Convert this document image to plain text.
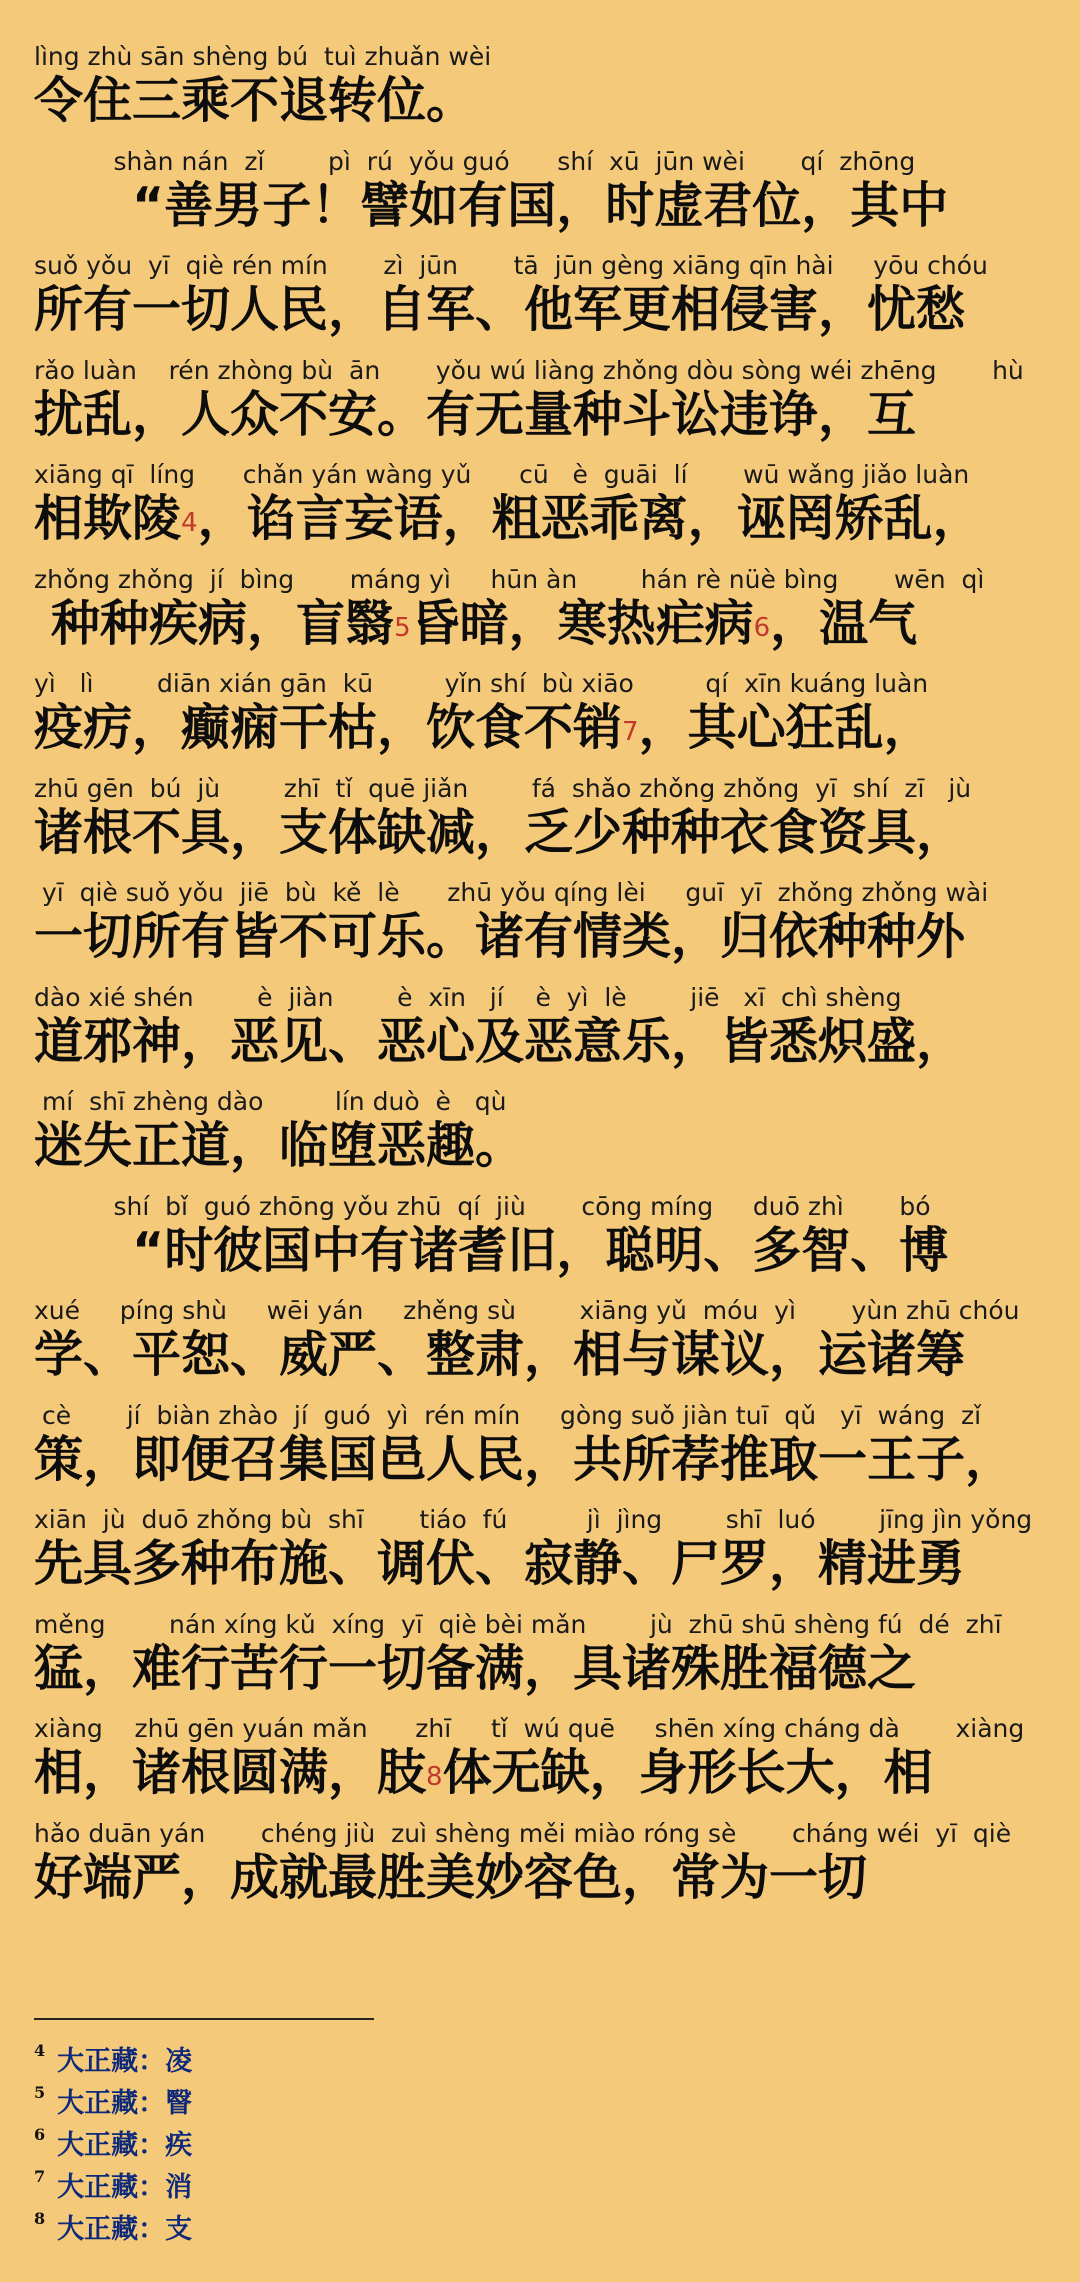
lìng zhù sān shèng bú  tuì zhuǎn wèi
令住三乘不退转位。
shàn nán  zǐ        pì  rú  yǒu guó      shí  xū  jūn wèi       qí  zhōng
　　“善男子！譬如有国，时虚君位，其中
suǒ yǒu  yī  qiè rén mín       zì  jūn       tā  jūn gèng xiāng qīn hài     yōu chóu
所有一切人民，自军、他军更相侵害，忧愁
rǎo luàn    rén zhòng bù  ān       yǒu wú liàng zhǒng dòu sòng wéi zhēng       hù
扰乱，人众不安。有无量种斗讼违诤，互
xiāng qī  líng      chǎn yán wàng yǔ      cū   è  guāi  lí       wū wǎng jiǎo luàn
相欺陵$^4$，谄言妄语，粗恶乖离，诬罔矫乱，
zhǒng zhǒng  jí  bìng       máng yì     hūn àn        hán rè nüè bìng       wēn  qì
种种疾病，盲翳$^5$昏暗，寒热疟病$^6$，温气
yì   lì        diān xián gān  kū         yǐn shí  bù xiāo         qí  xīn kuáng luàn
疫疠，癫痫干枯，饮食不销$^7$，其心狂乱，
zhū gēn  bú  jù        zhī  tǐ  quē jiǎn        fá  shǎo zhǒng zhǒng  yī  shí  zī   jù
诸根不具，支体缺减，乏少种种衣食资具，
yī  qiè suǒ yǒu  jiē  bù  kě  lè      zhū yǒu qíng lèi     guī  yī  zhǒng zhǒng wài
一切所有皆不可乐。诸有情类，归依种种外
dào xié shén        è  jiàn        è  xīn   jí    è  yì  lè        jiē   xī  chì shèng
道邪神，恶见、恶心及恶意乐，皆悉炽盛，
mí  shī zhèng dào         lín duò  è   qù
迷失正道，临堕恶趣。
shí  bǐ  guó zhōng yǒu zhū  qí  jiù       cōng míng     duō zhì       bó
　　“时彼国中有诸耆旧，聪明、多智、博
xué     píng shù     wēi yán     zhěng sù        xiāng yǔ  móu  yì       yùn zhū chóu
学、平恕、威严、整肃，相与谋议，运诸筹
cè       jí  biàn zhào  jí  guó  yì  rén mín     gòng suǒ jiàn tuī  qǔ   yī  wáng  zǐ
策，即便召集国邑人民，共所荐推取一王子，
xiān  jù  duō zhǒng bù  shī       tiáo  fú          jì  jìng        shī  luó        jīng jìn yǒng
先具多种布施、调伏、寂静、尸罗，精进勇
měng        nán xíng kǔ  xíng  yī  qiè bèi mǎn        jù  zhū shū shèng fú  dé  zhī
猛，难行苦行一切备满，具诸殊胜福德之
xiàng    zhū gēn yuán mǎn      zhī     tǐ  wú quē     shēn xíng cháng dà       xiàng
相，诸根圆满，肢$^8$体无缺，身形长大，相
hǎo duān yán       chéng jiù  zuì shèng měi miào róng sè       cháng wéi  yī  qiè
好端严，成就最胜美妙容色，常为一切
$^4$ 大正藏：凌
$^5$ 大正藏：瞖
$^6$ 大正藏：疾
$^7$ 大正藏：消
$^8$ 大正藏：支
